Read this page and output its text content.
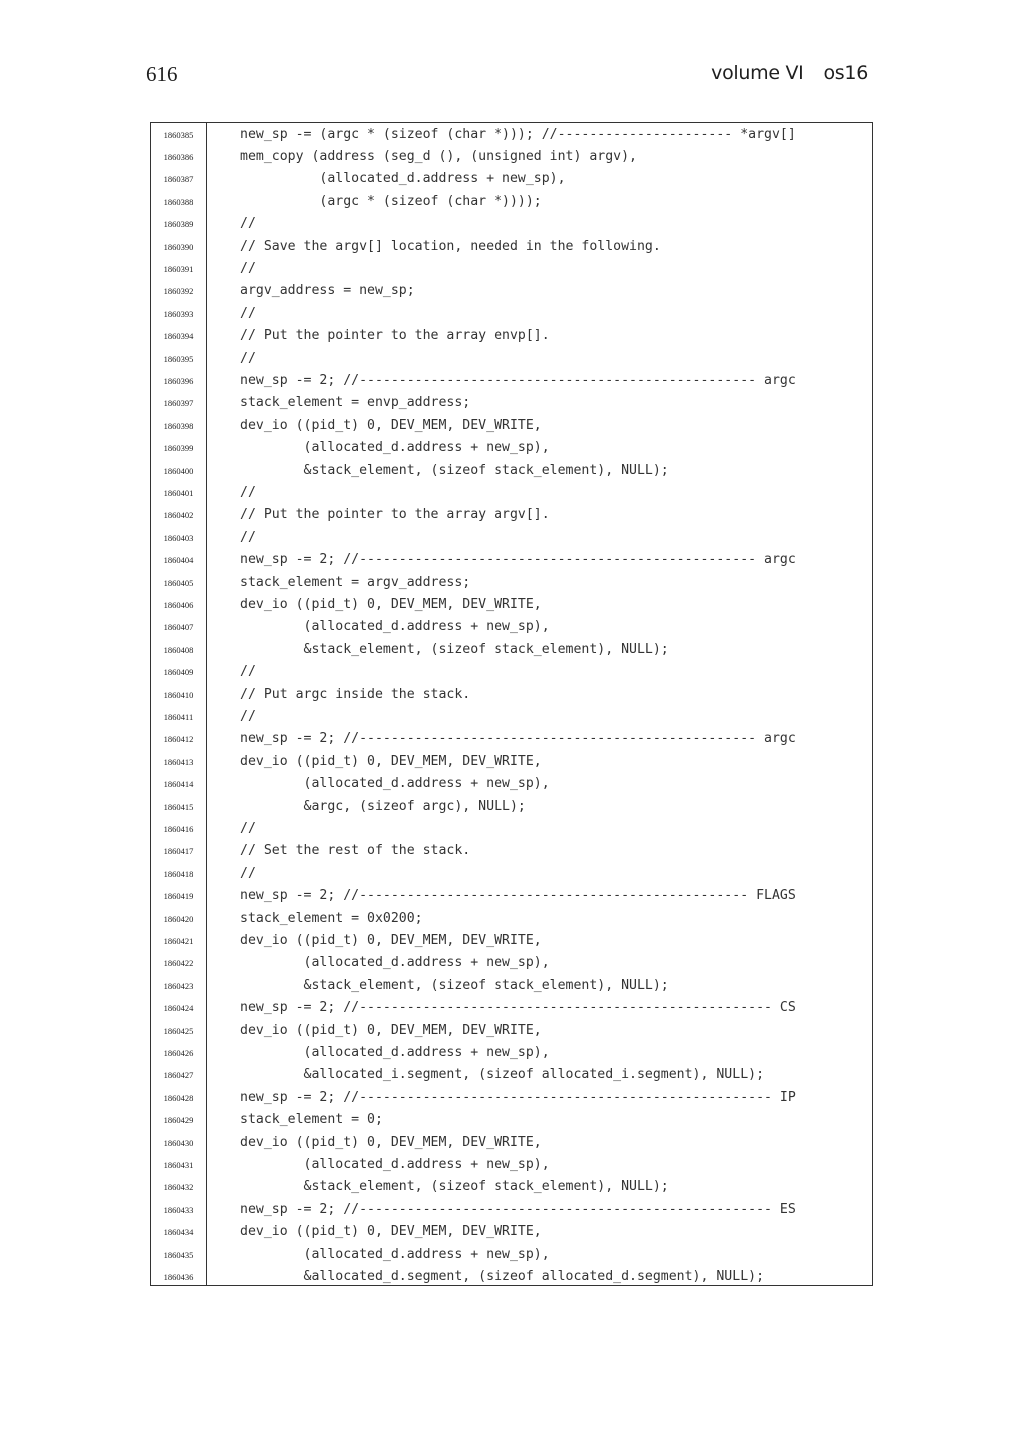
616	volume VI os16
1860385	new_sp -= (argc * (sizeof (char *))); //---------------------- *argv[]
1860386	mem_copy (address (seg_d (), (unsigned int) argv),
1860387	(allocated_d.address + new_sp),
1860388	(argc * (sizeof (char *))));
1860389	//
1860390	// Save the argv[] location, needed in the following.
1860391	//
1860392	argv_address = new_sp;
1860393	//
1860394	// Put the pointer to the array envp[].
1860395	//
1860396	new_sp -= 2; //-------------------------------------------------- argc
1860397	stack_element = envp_address;
1860398	dev_io ((pid_t) 0, DEV_MEM, DEV_WRITE,
1860399	(allocated_d.address + new_sp),
1860400	&stack_element, (sizeof stack_element), NULL);
1860401	//
1860402	// Put the pointer to the array argv[].
1860403	//
1860404	new_sp -= 2; //-------------------------------------------------- argc
1860405	stack_element = argv_address;
1860406	dev_io ((pid_t) 0, DEV_MEM, DEV_WRITE,
1860407	(allocated_d.address + new_sp),
1860408	&stack_element, (sizeof stack_element), NULL);
1860409	//
1860410	// Put argc inside the stack.
1860411	//
1860412	new_sp -= 2; //-------------------------------------------------- argc
1860413	dev_io ((pid_t) 0, DEV_MEM, DEV_WRITE,
1860414	(allocated_d.address + new_sp),
1860415	&argc, (sizeof argc), NULL);
1860416	//
1860417	// Set the rest of the stack.
1860418	//
1860419	new_sp -= 2; //------------------------------------------------- FLAGS
1860420	stack_element = 0x0200;
1860421	dev_io ((pid_t) 0, DEV_MEM, DEV_WRITE,
1860422	(allocated_d.address + new_sp),
1860423	&stack_element, (sizeof stack_element), NULL);
1860424	new_sp -= 2; //---------------------------------------------------- CS
1860425	dev_io ((pid_t) 0, DEV_MEM, DEV_WRITE,
1860426	(allocated_d.address + new_sp),
1860427	&allocated_i.segment, (sizeof allocated_i.segment), NULL);
1860428	new_sp -= 2; //---------------------------------------------------- IP
1860429	stack_element = 0;
1860430	dev_io ((pid_t) 0, DEV_MEM, DEV_WRITE,
1860431	(allocated_d.address + new_sp),
1860432	&stack_element, (sizeof stack_element), NULL);
1860433	new_sp -= 2; //---------------------------------------------------- ES
1860434	dev_io ((pid_t) 0, DEV_MEM, DEV_WRITE,
1860435	(allocated_d.address + new_sp),
1860436	&allocated_d.segment, (sizeof allocated_d.segment), NULL);
